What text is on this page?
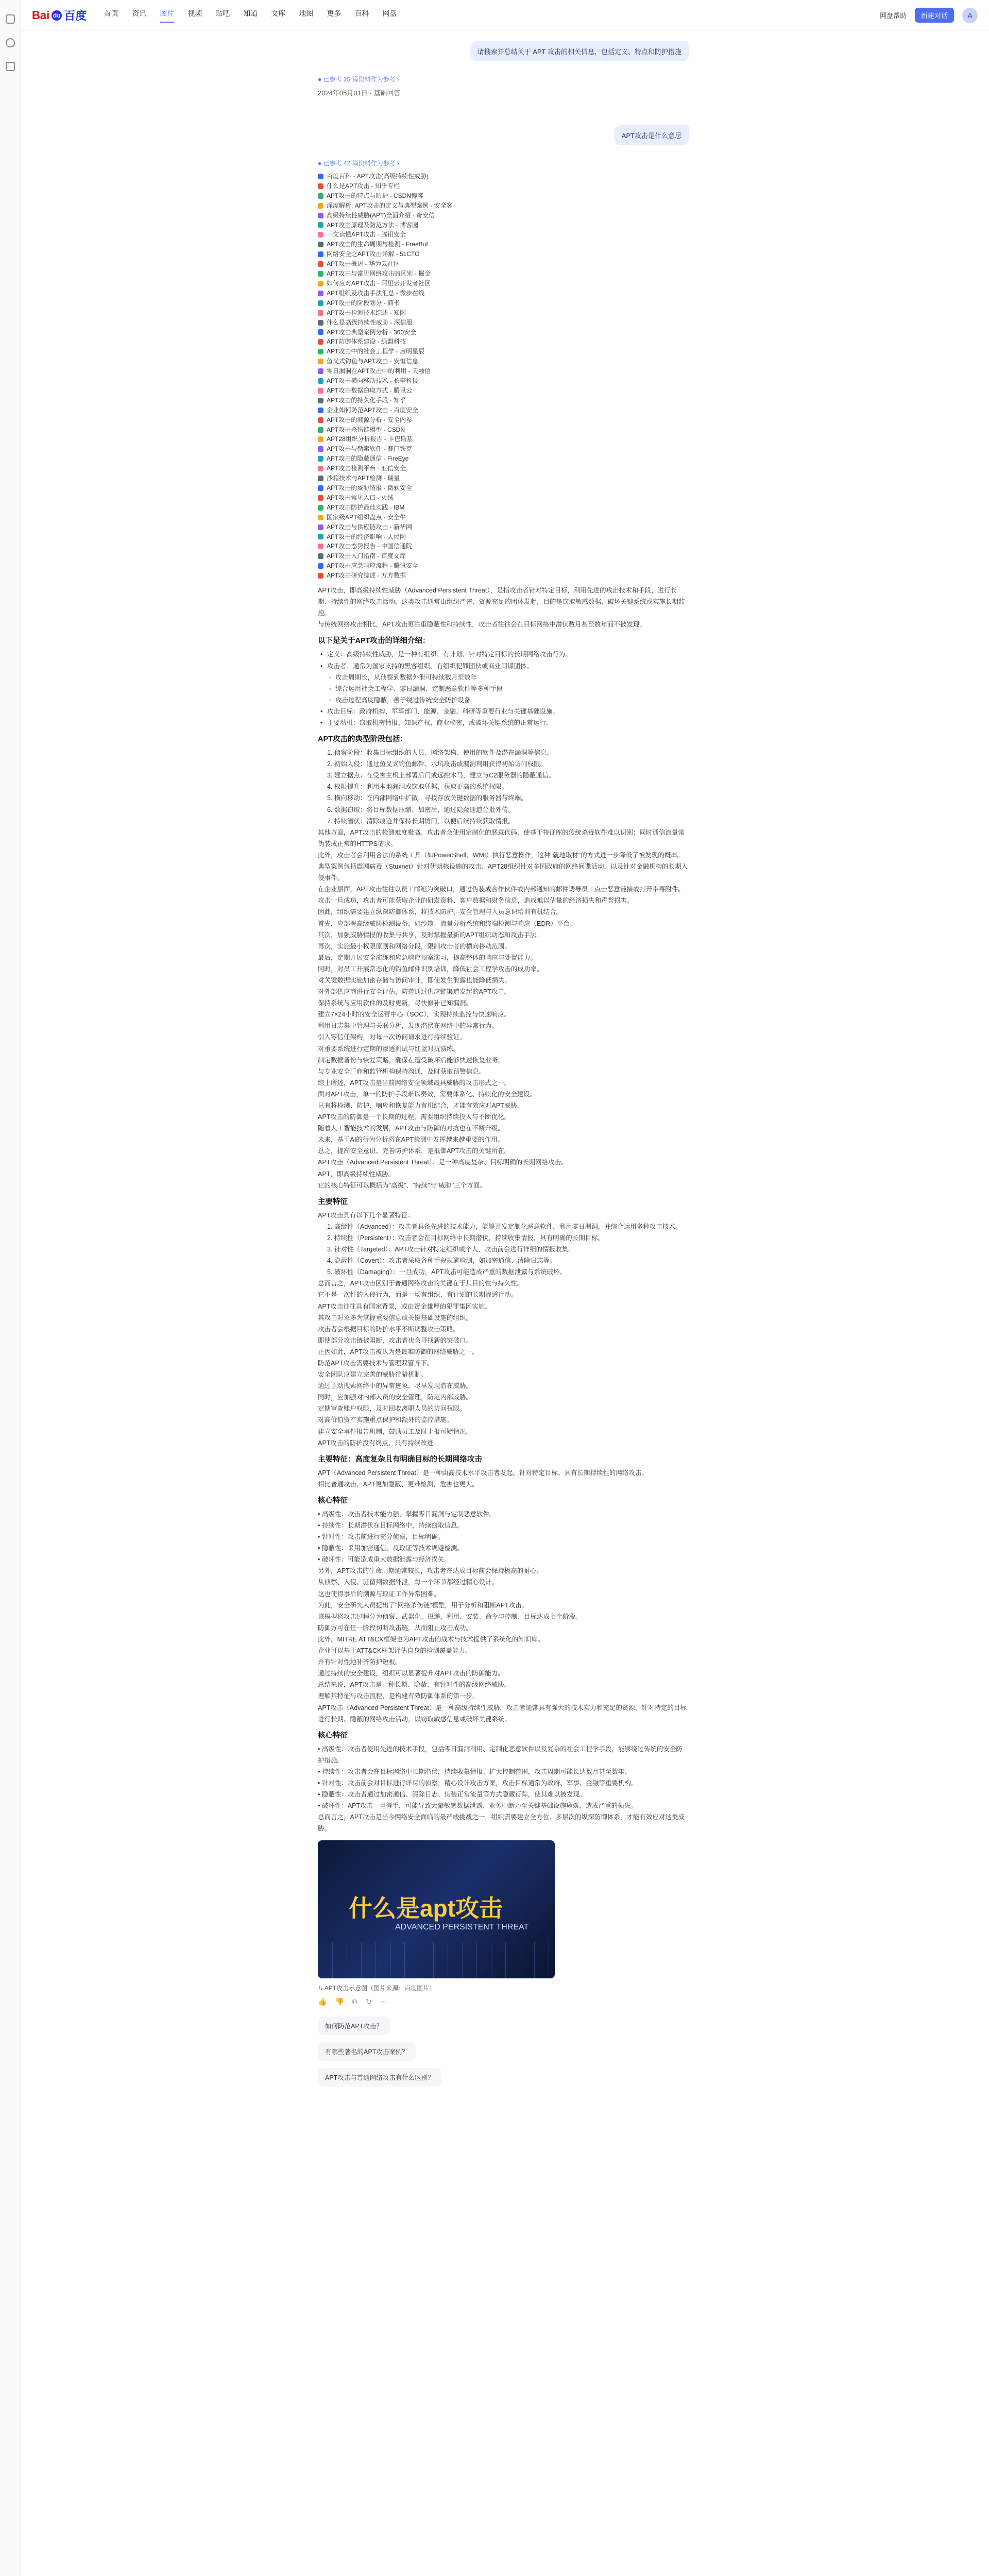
Bai du 百度 首页 资讯 图片 视频 贴吧 知道 文库 地图 更多 百科 网盘	网盘帮助	新建对话	A
请搜索并总结关于 APT 攻击的相关信息，包括定义、特点和防护措施
● 已参考 25 篇资料作为参考 ›
2024年05月01日 · 基础回答
APT攻击是什么意思
● 已参考 42 篇资料作为参考 ›
百度百科 - APT攻击(高级持续性威胁)
什么是APT攻击 - 知乎专栏
APT攻击的特点与防护 - CSDN博客
深度解析: APT攻击的定义与典型案例 - 安全客
高级持续性威胁(APT)全面介绍 - 奇安信
APT攻击原理及防范方法 - 博客园
一文读懂APT攻击 - 腾讯安全
APT攻击的生命周期与检测 - FreeBuf
网络安全之APT攻击详解 - 51CTO
APT攻击概述 - 华为云社区
APT攻击与常见网络攻击的区别 - 掘金
如何应对APT攻击 - 阿里云开发者社区
APT组织及攻击手法汇总 - 微步在线
APT攻击的阶段划分 - 简书
APT攻击检测技术综述 - 知网
什么是高级持续性威胁 - 深信服
APT攻击典型案例分析 - 360安全
APT防御体系建设 - 绿盟科技
APT攻击中的社会工程学 - 启明星辰
鱼叉式钓鱼与APT攻击 - 安恒信息
零日漏洞在APT攻击中的利用 - 天融信
APT攻击横向移动技术 - 长亭科技
APT攻击数据窃取方式 - 腾讯云
APT攻击的持久化手段 - 知乎
企业如何防范APT攻击 - 百度安全
APT攻击的溯源分析 - 安全内参
APT攻击杀伤链模型 - CSDN
APT28组织分析报告 - 卡巴斯基
APT攻击与勒索软件 - 赛门铁克
APT攻击的隐蔽通信 - FireEye
APT攻击检测平台 - 亚信安全
沙箱技术与APT检测 - 瑞星
APT攻击的威胁情报 - 微软安全
APT攻击常见入口 - 火绒
APT攻击防护最佳实践 - IBM
国家级APT组织盘点 - 安全牛
APT攻击与供应链攻击 - 新华网
APT攻击的经济影响 - 人民网
APT攻击态势报告 - 中国信通院
APT攻击入门指南 - 百度文库
APT攻击应急响应流程 - 腾讯安全
APT攻击研究综述 - 万方数据

APT攻击，即高级持续性威胁（Advanced Persistent Threat），是指攻击者针对特定目标，利用先进的攻击技术和手段，进行长期、持续性的网络攻击活动。这类攻击通常由组织严密、资源充足的团体发起，目的是窃取敏感数据、破坏关键系统或实施长期监控。

与传统网络攻击相比，APT攻击更注重隐蔽性和持续性，攻击者往往会在目标网络中潜伏数月甚至数年而不被发现。

以下是关于APT攻击的详细介绍：

• 定义：高级持续性威胁，是一种有组织、有计划、针对特定目标的长期网络攻击行为。

• 攻击者：通常为国家支持的黑客组织、有组织犯罪团伙或商业间谍团体。

◦ 攻击周期长，从侦察到数据外泄可持续数月至数年

◦ 综合运用社会工程学、零日漏洞、定制恶意软件等多种手段

◦ 攻击过程高度隐蔽，善于绕过传统安全防护设备

• 攻击目标：政府机构、军事部门、能源、金融、科研等重要行业与关键基础设施。

• 主要动机：窃取机密情报、知识产权、商业秘密，或破坏关键系统的正常运行。

APT攻击的典型阶段包括：

1. 侦察阶段：收集目标组织的人员、网络架构、使用的软件及潜在漏洞等信息。

2. 初始入侵：通过鱼叉式钓鱼邮件、水坑攻击或漏洞利用获得初始访问权限。

3. 建立据点：在受害主机上部署后门或远控木马，建立与C2服务器的隐蔽通信。

4. 权限提升：利用本地漏洞或窃取凭据，获取更高的系统权限。

5. 横向移动：在内部网络中扩散，寻找存放关键数据的服务器与终端。

6. 数据窃取：将目标数据压缩、加密后，通过隐蔽通道分批外传。

7. 持续潜伏：清除痕迹并保持长期访问，以便后续持续获取情报。

其他方面，APT攻击的检测难度极高。攻击者会使用定制化的恶意代码，使基于特征库的传统杀毒软件难以识别；同时通信流量常伪装成正常的HTTPS请求。

此外，攻击者会利用合法的系统工具（如PowerShell、WMI）执行恶意操作，这种"就地取材"的方式进一步降低了被发现的概率。

典型案例包括震网病毒（Stuxnet）针对伊朗核设施的攻击、APT28组织针对多国政府的网络间谍活动，以及针对金融机构的长期入侵事件。

在企业层面，APT攻击往往以员工邮箱为突破口，通过伪装成合作伙伴或内部通知的邮件诱导员工点击恶意链接或打开带毒附件。

攻击一旦成功，攻击者可能获取企业的研发资料、客户数据和财务信息，造成难以估量的经济损失和声誉损害。

因此，组织需要建立纵深防御体系，将技术防护、安全管理与人员意识培训有机结合。

首先，应部署高级威胁检测设备，如沙箱、流量分析系统和终端检测与响应（EDR）平台。

其次，加强威胁情报的收集与共享，及时掌握最新的APT组织动态和攻击手法。

再次，实施最小权限原则和网络分段，限制攻击者的横向移动范围。

最后，定期开展安全演练和应急响应预案演习，提高整体的响应与处置能力。

同时，对员工开展常态化的钓鱼邮件识别培训，降低社会工程学攻击的成功率。

对关键数据实施加密存储与访问审计，即使发生泄露也能降低损失。

对外部供应商进行安全评估，防范通过供应链渠道发起的APT攻击。

保持系统与应用软件的及时更新，尽快修补已知漏洞。

建立7×24小时的安全运营中心（SOC），实现持续监控与快速响应。

利用日志集中管理与关联分析，发现潜伏在网络中的异常行为。

引入零信任架构，对每一次访问请求进行持续验证。

对重要系统进行定期的渗透测试与红蓝对抗演练。

制定数据备份与恢复策略，确保在遭受破坏后能够快速恢复业务。

与专业安全厂商和监管机构保持沟通，及时获取预警信息。

综上所述，APT攻击是当前网络安全领域最具威胁的攻击形式之一。

面对APT攻击，单一的防护手段难以奏效，需要体系化、持续化的安全建设。

只有将检测、防护、响应和恢复能力有机结合，才能有效应对APT威胁。

APT攻击的防御是一个长期的过程，需要组织持续投入与不断优化。

随着人工智能技术的发展，APT攻击与防御的对抗也在不断升级。

未来，基于AI的行为分析将在APT检测中发挥越来越重要的作用。

总之，提高安全意识、完善防护体系，是抵御APT攻击的关键所在。

APT攻击（Advanced Persistent Threat）：是一种高度复杂、目标明确的长期网络攻击。

APT，即高级持续性威胁。

它的核心特征可以概括为"高级"、"持续"与"威胁"三个方面。

主要特征

APT攻击具有以下几个显著特征：

1. 高级性（Advanced）：攻击者具备先进的技术能力，能够开发定制化恶意软件，利用零日漏洞，并综合运用多种攻击技术。

2. 持续性（Persistent）：攻击者会在目标网络中长期潜伏，持续收集情报，具有明确的长期目标。

3. 针对性（Targeted）：APT攻击针对特定组织或个人，攻击前会进行详细的情报收集。

4. 隐蔽性（Covert）：攻击者采取各种手段规避检测，如加密通信、清除日志等。

5. 破坏性（Damaging）：一旦成功，APT攻击可能造成严重的数据泄露与系统破坏。

总而言之，APT攻击区别于普通网络攻击的关键在于其目的性与持久性。

它不是一次性的入侵行为，而是一场有组织、有计划的长期渗透行动。

APT攻击往往具有国家背景，或由资金雄厚的犯罪集团实施。

其攻击对象多为掌握重要信息或关键基础设施的组织。

攻击者会根据目标的防护水平不断调整攻击策略。

即使部分攻击链被阻断，攻击者也会寻找新的突破口。

正因如此，APT攻击被认为是最难防御的网络威胁之一。

防范APT攻击需要技术与管理双管齐下。

安全团队应建立完善的威胁狩猎机制。

通过主动搜索网络中的异常迹象，尽早发现潜在威胁。

同时，应加强对内部人员的安全管理，防范内部威胁。

定期审查账户权限，及时回收离职人员的访问权限。

对高价值资产实施重点保护和额外的监控措施。

建立安全事件报告机制，鼓励员工及时上报可疑情况。

APT攻击的防护没有终点，只有持续改进。

主要特征：高度复杂且有明确目标的长期网络攻击

APT（Advanced Persistent Threat）是一种由高技术水平攻击者发起、针对特定目标、具有长期持续性的网络攻击。

相比普通攻击，APT更加隐蔽、更难检测，危害也更大。

核心特征

• 高级性：攻击者技术能力强，掌握零日漏洞与定制恶意软件。

• 持续性：长期潜伏在目标网络中，持续窃取信息。

• 针对性：攻击前进行充分侦察，目标明确。

• 隐蔽性：采用加密通信、反取证等技术规避检测。

• 破坏性：可能造成重大数据泄露与经济损失。

另外，APT攻击的生命周期通常较长，攻击者在达成目标前会保持极高的耐心。

从侦察、入侵、驻留到数据外泄，每一个环节都经过精心设计。

这也使得事后的溯源与取证工作异常困难。

为此，安全研究人员提出了"网络杀伤链"模型，用于分析和阻断APT攻击。

该模型将攻击过程分为侦察、武器化、投递、利用、安装、命令与控制、目标达成七个阶段。

防御方可在任一阶段切断攻击链，从而阻止攻击成功。

此外，MITRE ATT&CK框架也为APT攻击的战术与技术提供了系统化的知识库。

企业可以基于ATT&CK框架评估自身的检测覆盖能力。

并有针对性地补齐防护短板。

通过持续的安全建设，组织可以显著提升对APT攻击的防御能力。

总结来说，APT攻击是一种长期、隐蔽、有针对性的高级网络威胁。

理解其特征与攻击流程，是构建有效防御体系的第一步。

APT攻击（Advanced Persistent Threat）是一种高级持续性威胁，攻击者通常具有强大的技术实力和充足的资源，针对特定的目标进行长期、隐蔽的网络攻击活动，以窃取敏感信息或破坏关键系统。

核心特征

• 高级性：攻击者使用先进的技术手段，包括零日漏洞利用、定制化恶意软件以及复杂的社会工程学手段，能够绕过传统的安全防护措施。

• 持续性：攻击者会在目标网络中长期潜伏，持续收集情报、扩大控制范围，攻击周期可能长达数月甚至数年。

• 针对性：攻击前会对目标进行详尽的侦察，精心设计攻击方案，攻击目标通常为政府、军事、金融等重要机构。

• 隐蔽性：攻击者通过加密通信、清除日志、伪装正常流量等方式隐藏行踪，使其难以被发现。

• 破坏性：APT攻击一旦得手，可能导致大量敏感数据泄露、业务中断乃至关键基础设施瘫痪，造成严重的损失。

总而言之，APT攻击是当今网络安全面临的最严峻挑战之一，组织需要建立全方位、多层次的纵深防御体系，才能有效应对这类威胁。

什么是apt攻击
ADVANCED PERSISTENT THREAT
↳ APT攻击示意图（图片来源：百度图片）
👍 👎 ⧉ ↻ ⋯
如何防范APT攻击？
有哪些著名的APT攻击案例？
APT攻击与普通网络攻击有什么区别？
